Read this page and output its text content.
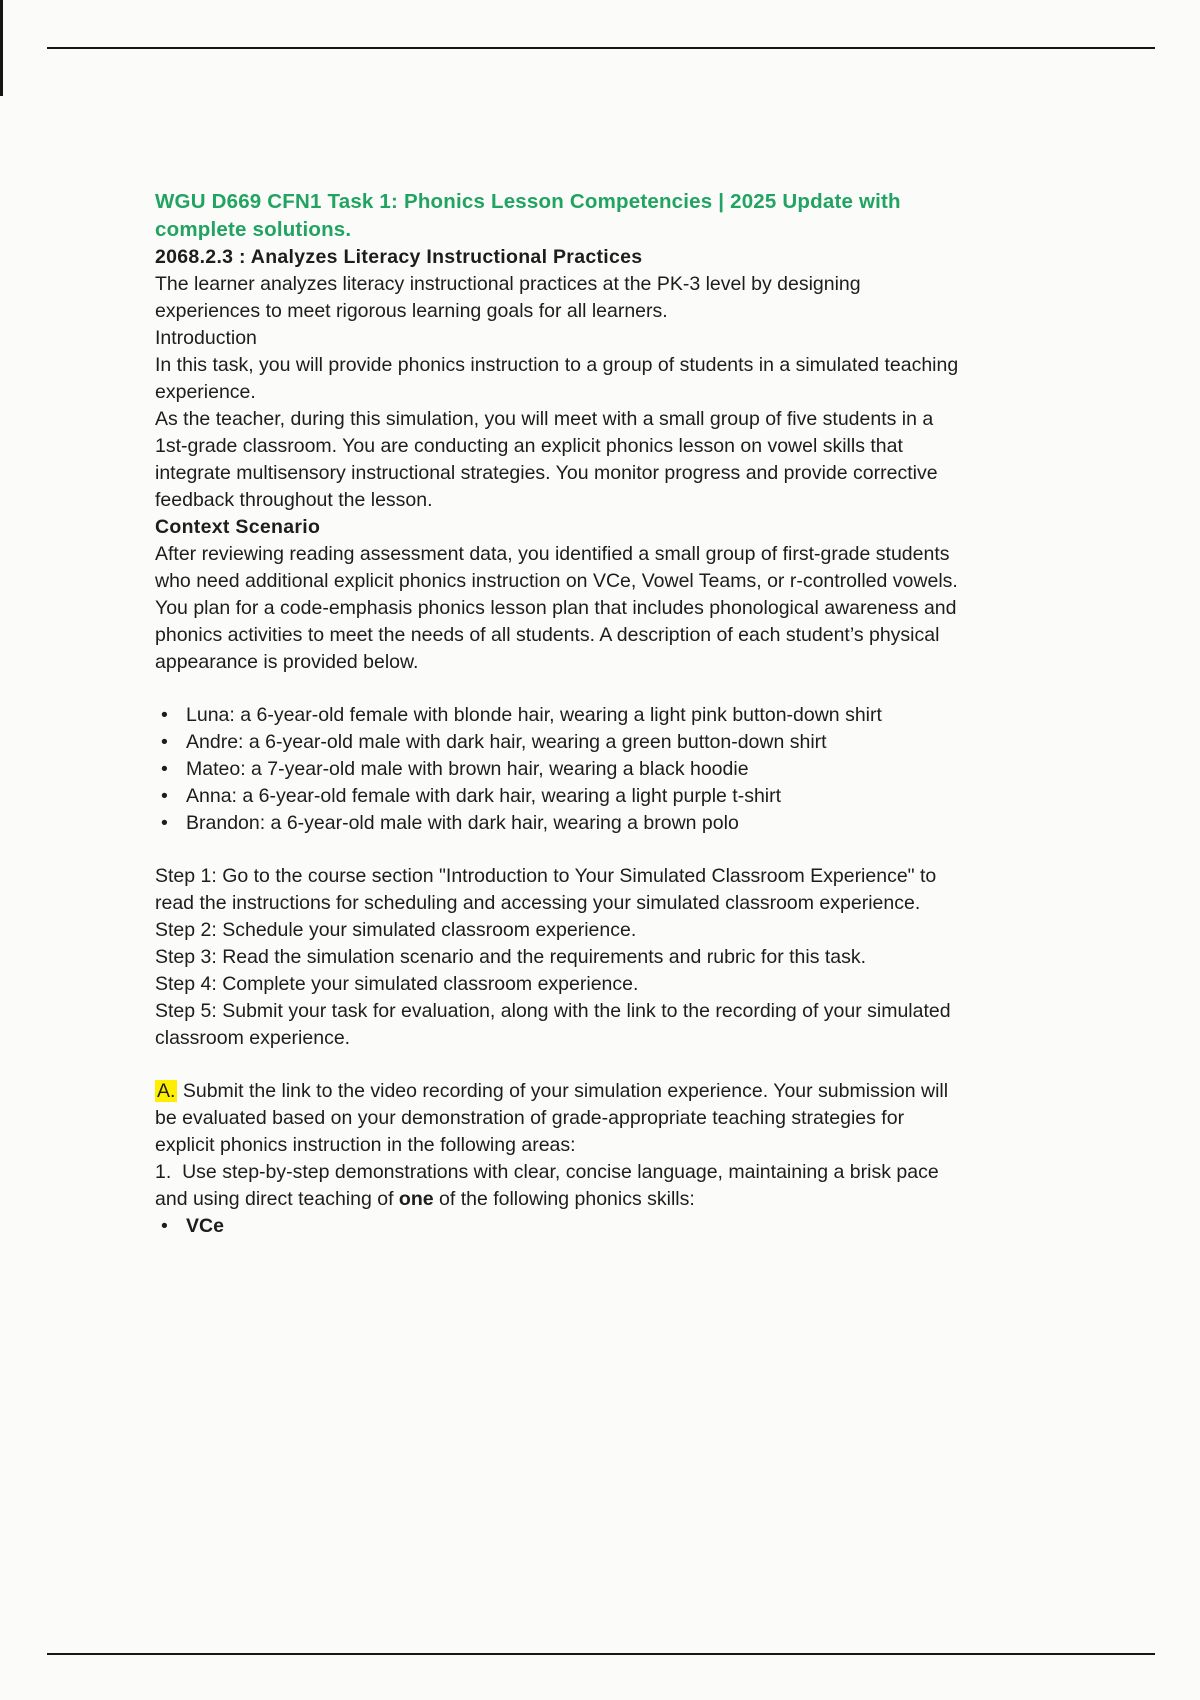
WGU D669 CFN1 Task 1: Phonics Lesson Competencies | 2025 Update with complete solutions.

2068.2.3 : Analyzes Literacy Instructional Practices

The learner analyzes literacy instructional practices at the PK-3 level by designing experiences to meet rigorous learning goals for all learners.

Introduction

In this task, you will provide phonics instruction to a group of students in a simulated teaching experience.

As the teacher, during this simulation, you will meet with a small group of five students in a 1st-grade classroom. You are conducting an explicit phonics lesson on vowel skills that integrate multisensory instructional strategies. You monitor progress and provide corrective feedback throughout the lesson.

Context Scenario

After reviewing reading assessment data, you identified a small group of first-grade students who need additional explicit phonics instruction on VCe, Vowel Teams, or r-controlled vowels. You plan for a code-emphasis phonics lesson plan that includes phonological awareness and phonics activities to meet the needs of all students. A description of each student’s physical appearance is provided below.

• Luna: a 6-year-old female with blonde hair, wearing a light pink button-down shirt

• Andre: a 6-year-old male with dark hair, wearing a green button-down shirt

• Mateo: a 7-year-old male with brown hair, wearing a black hoodie

• Anna: a 6-year-old female with dark hair, wearing a light purple t-shirt

• Brandon: a 6-year-old male with dark hair, wearing a brown polo

Step 1: Go to the course section "Introduction to Your Simulated Classroom Experience" to read the instructions for scheduling and accessing your simulated classroom experience.

Step 2: Schedule your simulated classroom experience.

Step 3: Read the simulation scenario and the requirements and rubric for this task.

Step 4: Complete your simulated classroom experience.

Step 5: Submit your task for evaluation, along with the link to the recording of your simulated classroom experience.

A. Submit the link to the video recording of your simulation experience. Your submission will be evaluated based on your demonstration of grade-appropriate teaching strategies for explicit phonics instruction in the following areas:

1.  Use step-by-step demonstrations with clear, concise language, maintaining a brisk pace and using direct teaching of one of the following phonics skills:

• VCe
